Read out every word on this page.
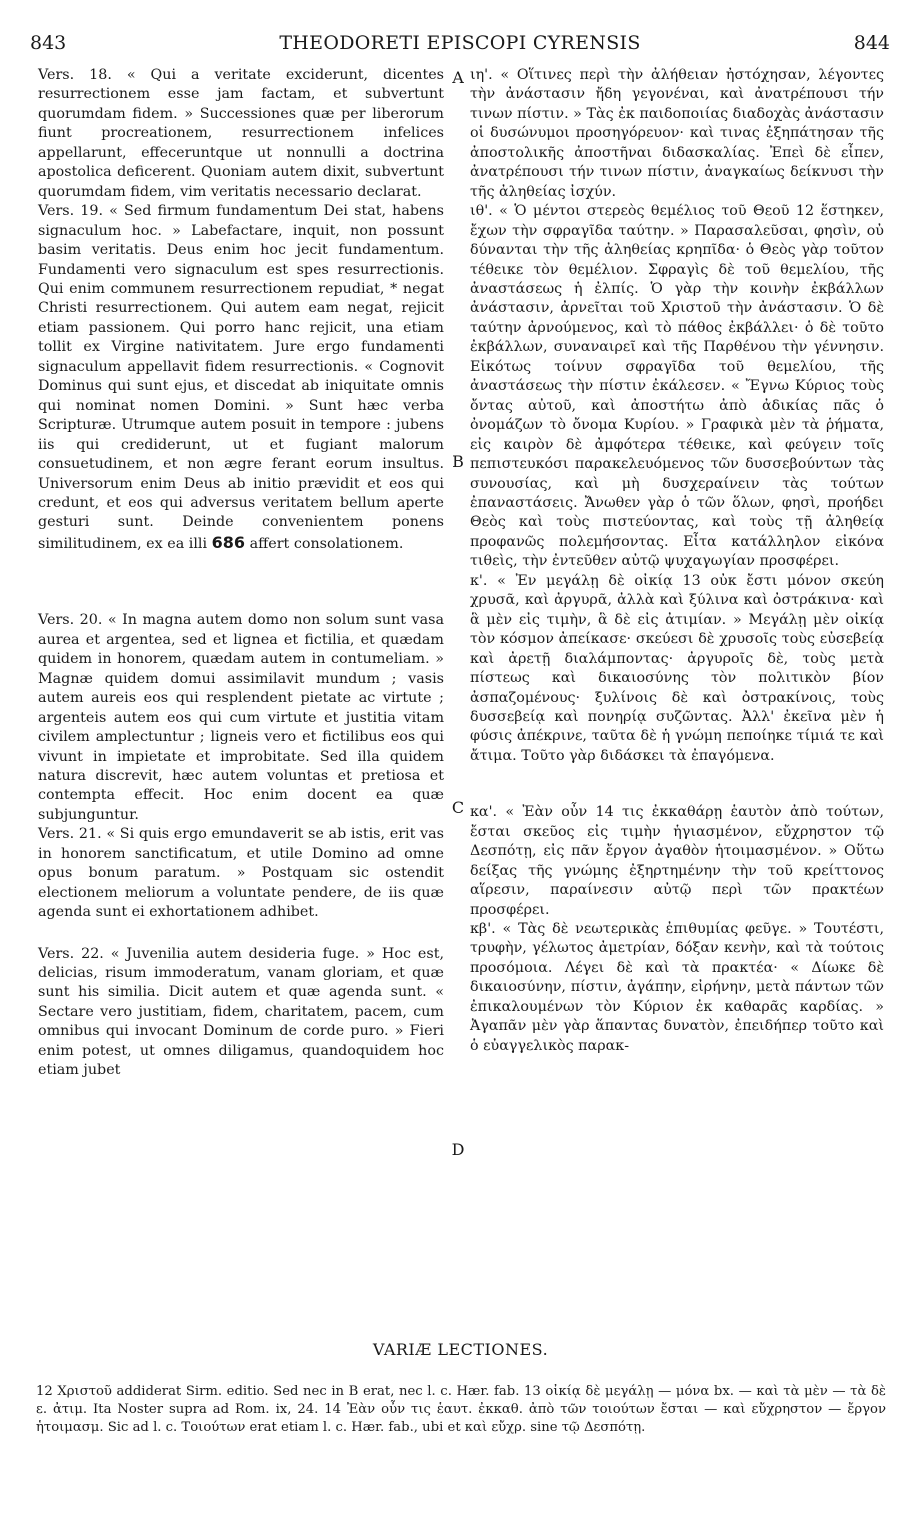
843	THEODORETI EPISCOPI CYRENSIS	844

Vers. 18. « Qui a veritate exciderunt, dicentes resurrectionem esse jam factam, et subvertunt quorumdam fidem. » Successiones quæ per liberorum fiunt procreationem, resurrectionem infelices appellarunt, effeceruntque ut nonnulli a doctrina apostolica deficerent. Quoniam autem dixit, subvertunt quorumdam fidem, vim veritatis necessario declarat.

Vers. 19. « Sed firmum fundamentum Dei stat, habens signaculum hoc. » Labefactare, inquit, non possunt basim veritatis. Deus enim hoc jecit fundamentum. Fundamenti vero signaculum est spes resurrectionis. Qui enim communem resurrectionem repudiat, * negat Christi resurrectionem. Qui autem eam negat, rejicit etiam passionem. Qui porro hanc rejicit, una etiam tollit ex Virgine nativitatem. Jure ergo fundamenti signaculum appellavit fidem resurrectionis. « Cognovit Dominus qui sunt ejus, et discedat ab iniquitate omnis qui nominat nomen Domini. » Sunt hæc verba Scripturæ. Utrumque autem posuit in tempore : jubens iis qui crediderunt, ut et fugiant malorum consuetudinem, et non ægre ferant eorum insultus. Universorum enim Deus ab initio prævidit et eos qui credunt, et eos qui adversus veritatem bellum aperte gesturi sunt. Deinde convenientem ponens similitudinem, ex ea illi 686 affert consolationem.

Vers. 20. « In magna autem domo non solum sunt vasa aurea et argentea, sed et lignea et fictilia, et quædam quidem in honorem, quædam autem in contumeliam. » Magnæ quidem domui assimilavit mundum ; vasis autem aureis eos qui resplendent pietate ac virtute ; argenteis autem eos qui cum virtute et justitia vitam civilem amplectuntur ; ligneis vero et fictilibus eos qui vivunt in impietate et improbitate. Sed illa quidem natura discrevit, hæc autem voluntas et pretiosa et contempta effecit. Hoc enim docent ea quæ subjunguntur.

Vers. 21. « Si quis ergo emundaverit se ab istis, erit vas in honorem sanctificatum, et utile Domino ad omne opus bonum paratum. » Postquam sic ostendit electionem meliorum a voluntate pendere, de iis quæ agenda sunt ei exhortationem adhibet.

Vers. 22. « Juvenilia autem desideria fuge. » Hoc est, delicias, risum immoderatum, vanam gloriam, et quæ sunt his similia. Dicit autem et quæ agenda sunt. « Sectare vero justitiam, fidem, charitatem, pacem, cum omnibus qui invocant Dominum de corde puro. » Fieri enim potest, ut omnes diligamus, quandoquidem hoc etiam jubet

A
B
C
D

ιη'. « Οἵτινες περὶ τὴν ἀλήθειαν ἠστόχησαν, λέγοντες τὴν ἀνάστασιν ἤδη γεγονέναι, καὶ ἀνατρέπουσι τήν τινων πίστιν. » Τὰς ἐκ παιδοποιίας διαδοχὰς ἀνάστασιν οἱ δυσώνυμοι προσηγόρευον· καὶ τινας ἐξηπάτησαν τῆς ἀποστολικῆς ἀποστῆναι διδασκαλίας. Ἐπεὶ δὲ εἶπεν, ἀνατρέπουσι τήν τινων πίστιν, ἀναγκαίως δείκνυσι τὴν τῆς ἀληθείας ἰσχύν.

ιθ'. « Ὁ μέντοι στερεὸς θεμέλιος τοῦ Θεοῦ 12 ἕστηκεν, ἔχων τὴν σφραγῖδα ταύτην. » Παρασαλεῦσαι, φησὶν, οὐ δύνανται τὴν τῆς ἀληθείας κρηπῖδα· ὁ Θεὸς γὰρ τοῦτον τέθεικε τὸν θεμέλιον. Σφραγὶς δὲ τοῦ θεμελίου, τῆς ἀναστάσεως ἡ ἐλπίς. Ὁ γὰρ τὴν κοινὴν ἐκβάλλων ἀνάστασιν, ἀρνεῖται τοῦ Χριστοῦ τὴν ἀνάστασιν. Ὁ δὲ ταύτην ἀρνούμενος, καὶ τὸ πάθος ἐκβάλλει· ὁ δὲ τοῦτο ἐκβάλλων, συναναιρεῖ καὶ τῆς Παρθένου τὴν γέννησιν. Εἰκότως τοίνυν σφραγῖδα τοῦ θεμελίου, τῆς ἀναστάσεως τὴν πίστιν ἐκάλεσεν. « Ἔγνω Κύριος τοὺς ὄντας αὐτοῦ, καὶ ἀποστήτω ἀπὸ ἀδικίας πᾶς ὁ ὀνομάζων τὸ ὄνομα Κυρίου. » Γραφικὰ μὲν τὰ ῥήματα, εἰς καιρὸν δὲ ἀμφότερα τέθεικε, καὶ φεύγειν τοῖς πεπιστευκόσι παρακελευόμενος τῶν δυσσεβούντων τὰς συνουσίας, καὶ μὴ δυσχεραίνειν τὰς τούτων ἐπαναστάσεις. Ἄνωθεν γὰρ ὁ τῶν ὅλων, φησὶ, προήδει Θεὸς καὶ τοὺς πιστεύοντας, καὶ τοὺς τῇ ἀληθείᾳ προφανῶς πολεμήσοντας. Εἶτα κατάλληλον εἰκόνα τιθεὶς, τὴν ἐντεῦθεν αὐτῷ ψυχαγωγίαν προσφέρει.

κ'. « Ἐν μεγάλῃ δὲ οἰκίᾳ 13 οὐκ ἔστι μόνον σκεύη χρυσᾶ, καὶ ἀργυρᾶ, ἀλλὰ καὶ ξύλινα καὶ ὀστράκινα· καὶ ἃ μὲν εἰς τιμὴν, ἃ δὲ εἰς ἀτιμίαν. » Μεγάλῃ μὲν οἰκίᾳ τὸν κόσμον ἀπείκασε· σκεύεσι δὲ χρυσοῖς τοὺς εὐσεβείᾳ καὶ ἀρετῇ διαλάμποντας· ἀργυροῖς δὲ, τοὺς μετὰ πίστεως καὶ δικαιοσύνης τὸν πολιτικὸν βίον ἀσπαζομένους· ξυλίνοις δὲ καὶ ὀστρακίνοις, τοὺς δυσσεβείᾳ καὶ πονηρίᾳ συζῶντας. Ἀλλ' ἐκεῖνα μὲν ἡ φύσις ἀπέκρινε, ταῦτα δὲ ἡ γνώμη πεποίηκε τίμιά τε καὶ ἄτιμα. Τοῦτο γὰρ διδάσκει τὰ ἐπαγόμενα.

κα'. « Ἐὰν οὖν 14 τις ἐκκαθάρῃ ἑαυτὸν ἀπὸ τούτων, ἔσται σκεῦος εἰς τιμὴν ἡγιασμένον, εὔχρηστον τῷ Δεσπότῃ, εἰς πᾶν ἔργον ἀγαθὸν ἡτοιμασμένον. » Οὕτω δείξας τῆς γνώμης ἐξηρτημένην τὴν τοῦ κρείττονος αἵρεσιν, παραίνεσιν αὐτῷ περὶ τῶν πρακτέων προσφέρει.

κβ'. « Τὰς δὲ νεωτερικὰς ἐπιθυμίας φεῦγε. » Τουτέστι, τρυφὴν, γέλωτος ἀμετρίαν, δόξαν κενὴν, καὶ τὰ τούτοις προσόμοια. Λέγει δὲ καὶ τὰ πρακτέα· « Δίωκε δὲ δικαιοσύνην, πίστιν, ἀγάπην, εἰρήνην, μετὰ πάντων τῶν ἐπικαλουμένων τὸν Κύριον ἐκ καθαρᾶς καρδίας. » Ἀγαπᾶν μὲν γὰρ ἅπαντας δυνατὸν, ἐπειδήπερ τοῦτο καὶ ὁ εὐαγγελικὸς παρακ-

VARIÆ LECTIONES.
12 Χριστοῦ addiderat Sirm. editio. Sed nec in B erat, nec l. c. Hær. fab. 13 οἰκίᾳ δὲ μεγάλῃ — μόνα bx. — καὶ τὰ μὲν — τὰ δὲ ε. ἀτιμ. Ita Noster supra ad Rom. ix, 24. 14 Ἐὰν οὖν τις ἑαυτ. ἐκκαθ. ἀπὸ τῶν τοιούτων ἔσται — καὶ εὔχρηστον — ἔργον ἡτοιμασμ. Sic ad l. c. Τοιούτων erat etiam l. c. Hær. fab., ubi et καὶ εὔχρ. sine τῷ Δεσπότῃ.
